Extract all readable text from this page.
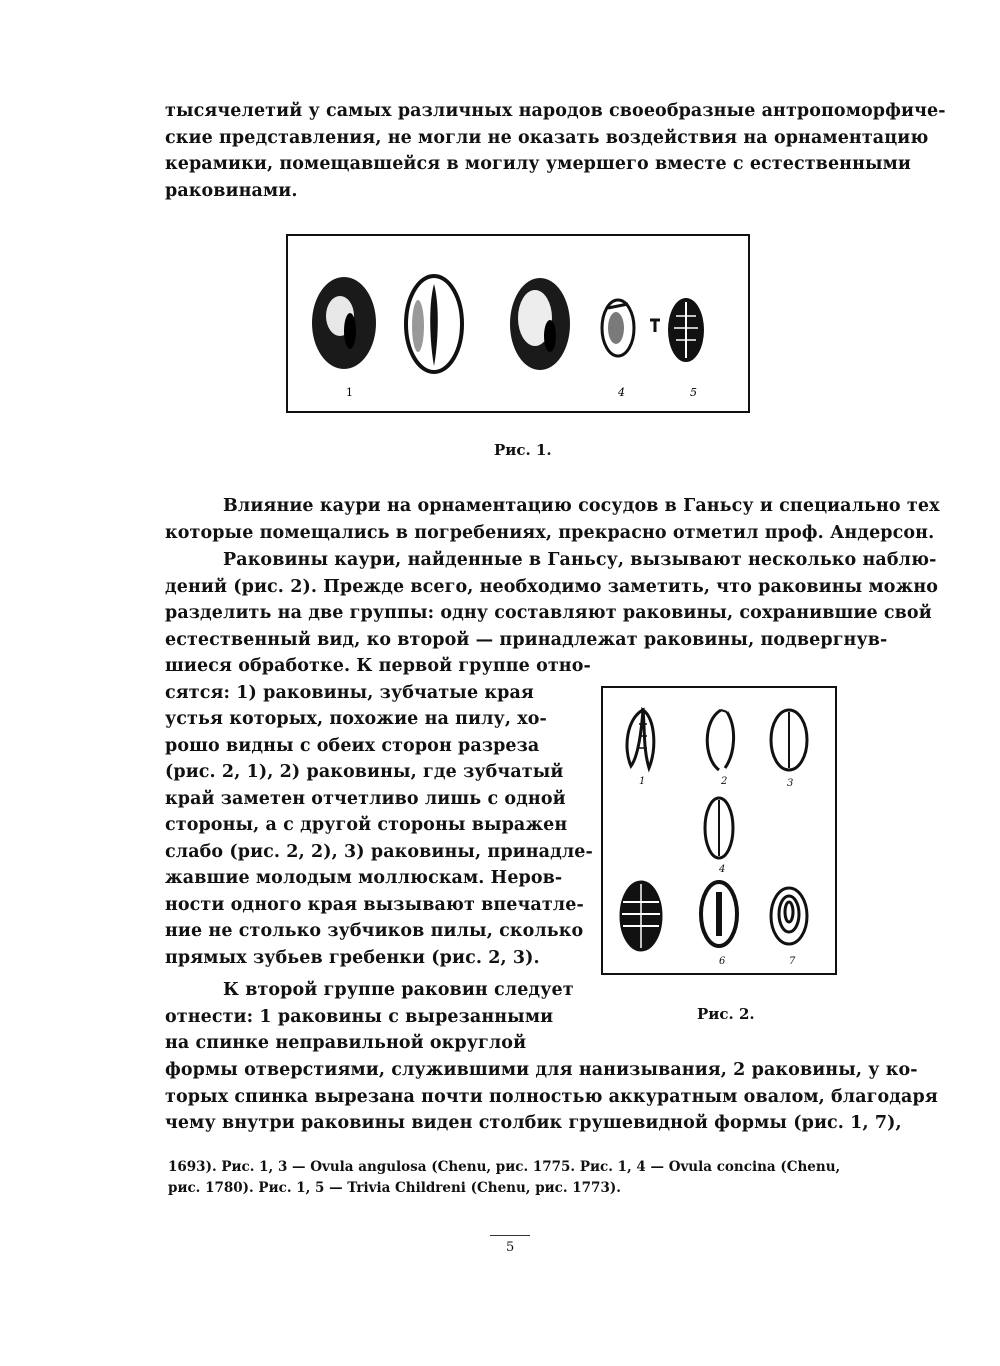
тысячелетий у самых различных народов своеобразные антропоморфиче-
ские представления, не могли не оказать воздействия на орнаментацию
керамики, помещавшейся в могилу умершего вместе с естественными
раковинами.
1	4	5
Рис. 1.
Влияние каури на орнаментацию сосудов в Ганьсу и специально тех
которые помещались в погребениях, прекрасно отметил проф. Андерсон.
Раковины каури, найденные в Ганьсу, вызывают несколько наблю-
дений (рис. 2). Прежде всего, необходимо заметить, что раковины можно
разделить на две группы: одну составляют раковины, сохранившие свой
естественный вид, ко второй — принадлежат раковины, подвергнув-
шиеся обработке. К первой группе отно-
сятся: 1) раковины, зубчатые края
устья которых, похожие на пилу, хо-
рошо видны с обеих сторон разреза
(рис. 2, 1), 2) раковины, где зубчатый
край заметен отчетливо лишь с одной
стороны, а с другой стороны выражен
слабо (рис. 2, 2), 3) раковины, принадле-
жавшие молодым моллюскам. Неров-
ности одного края вызывают впечатле-
ние не столько зубчиков пилы, сколько
прямых зубьев гребенки (рис. 2, 3).
К второй группе раковин следует
отнести: 1 раковины с вырезанными
на спинке неправильной округлой
формы отверстиями, служившими для нанизывания, 2 раковины, у ко-
торых спинка вырезана почти полностью аккуратным овалом, благодаря
чему внутри раковины виден столбик грушевидной формы (рис. 1, 7),
1	2	3
4
6	7
Рис. 2.
1693). Рис. 1, 3 — Ovula angulosa (Chenu, рис. 1775. Рис. 1, 4 — Ovula concina (Chenu,
рис. 1780). Рис. 1, 5 — Trivia Childreni (Chenu, рис. 1773).
5
